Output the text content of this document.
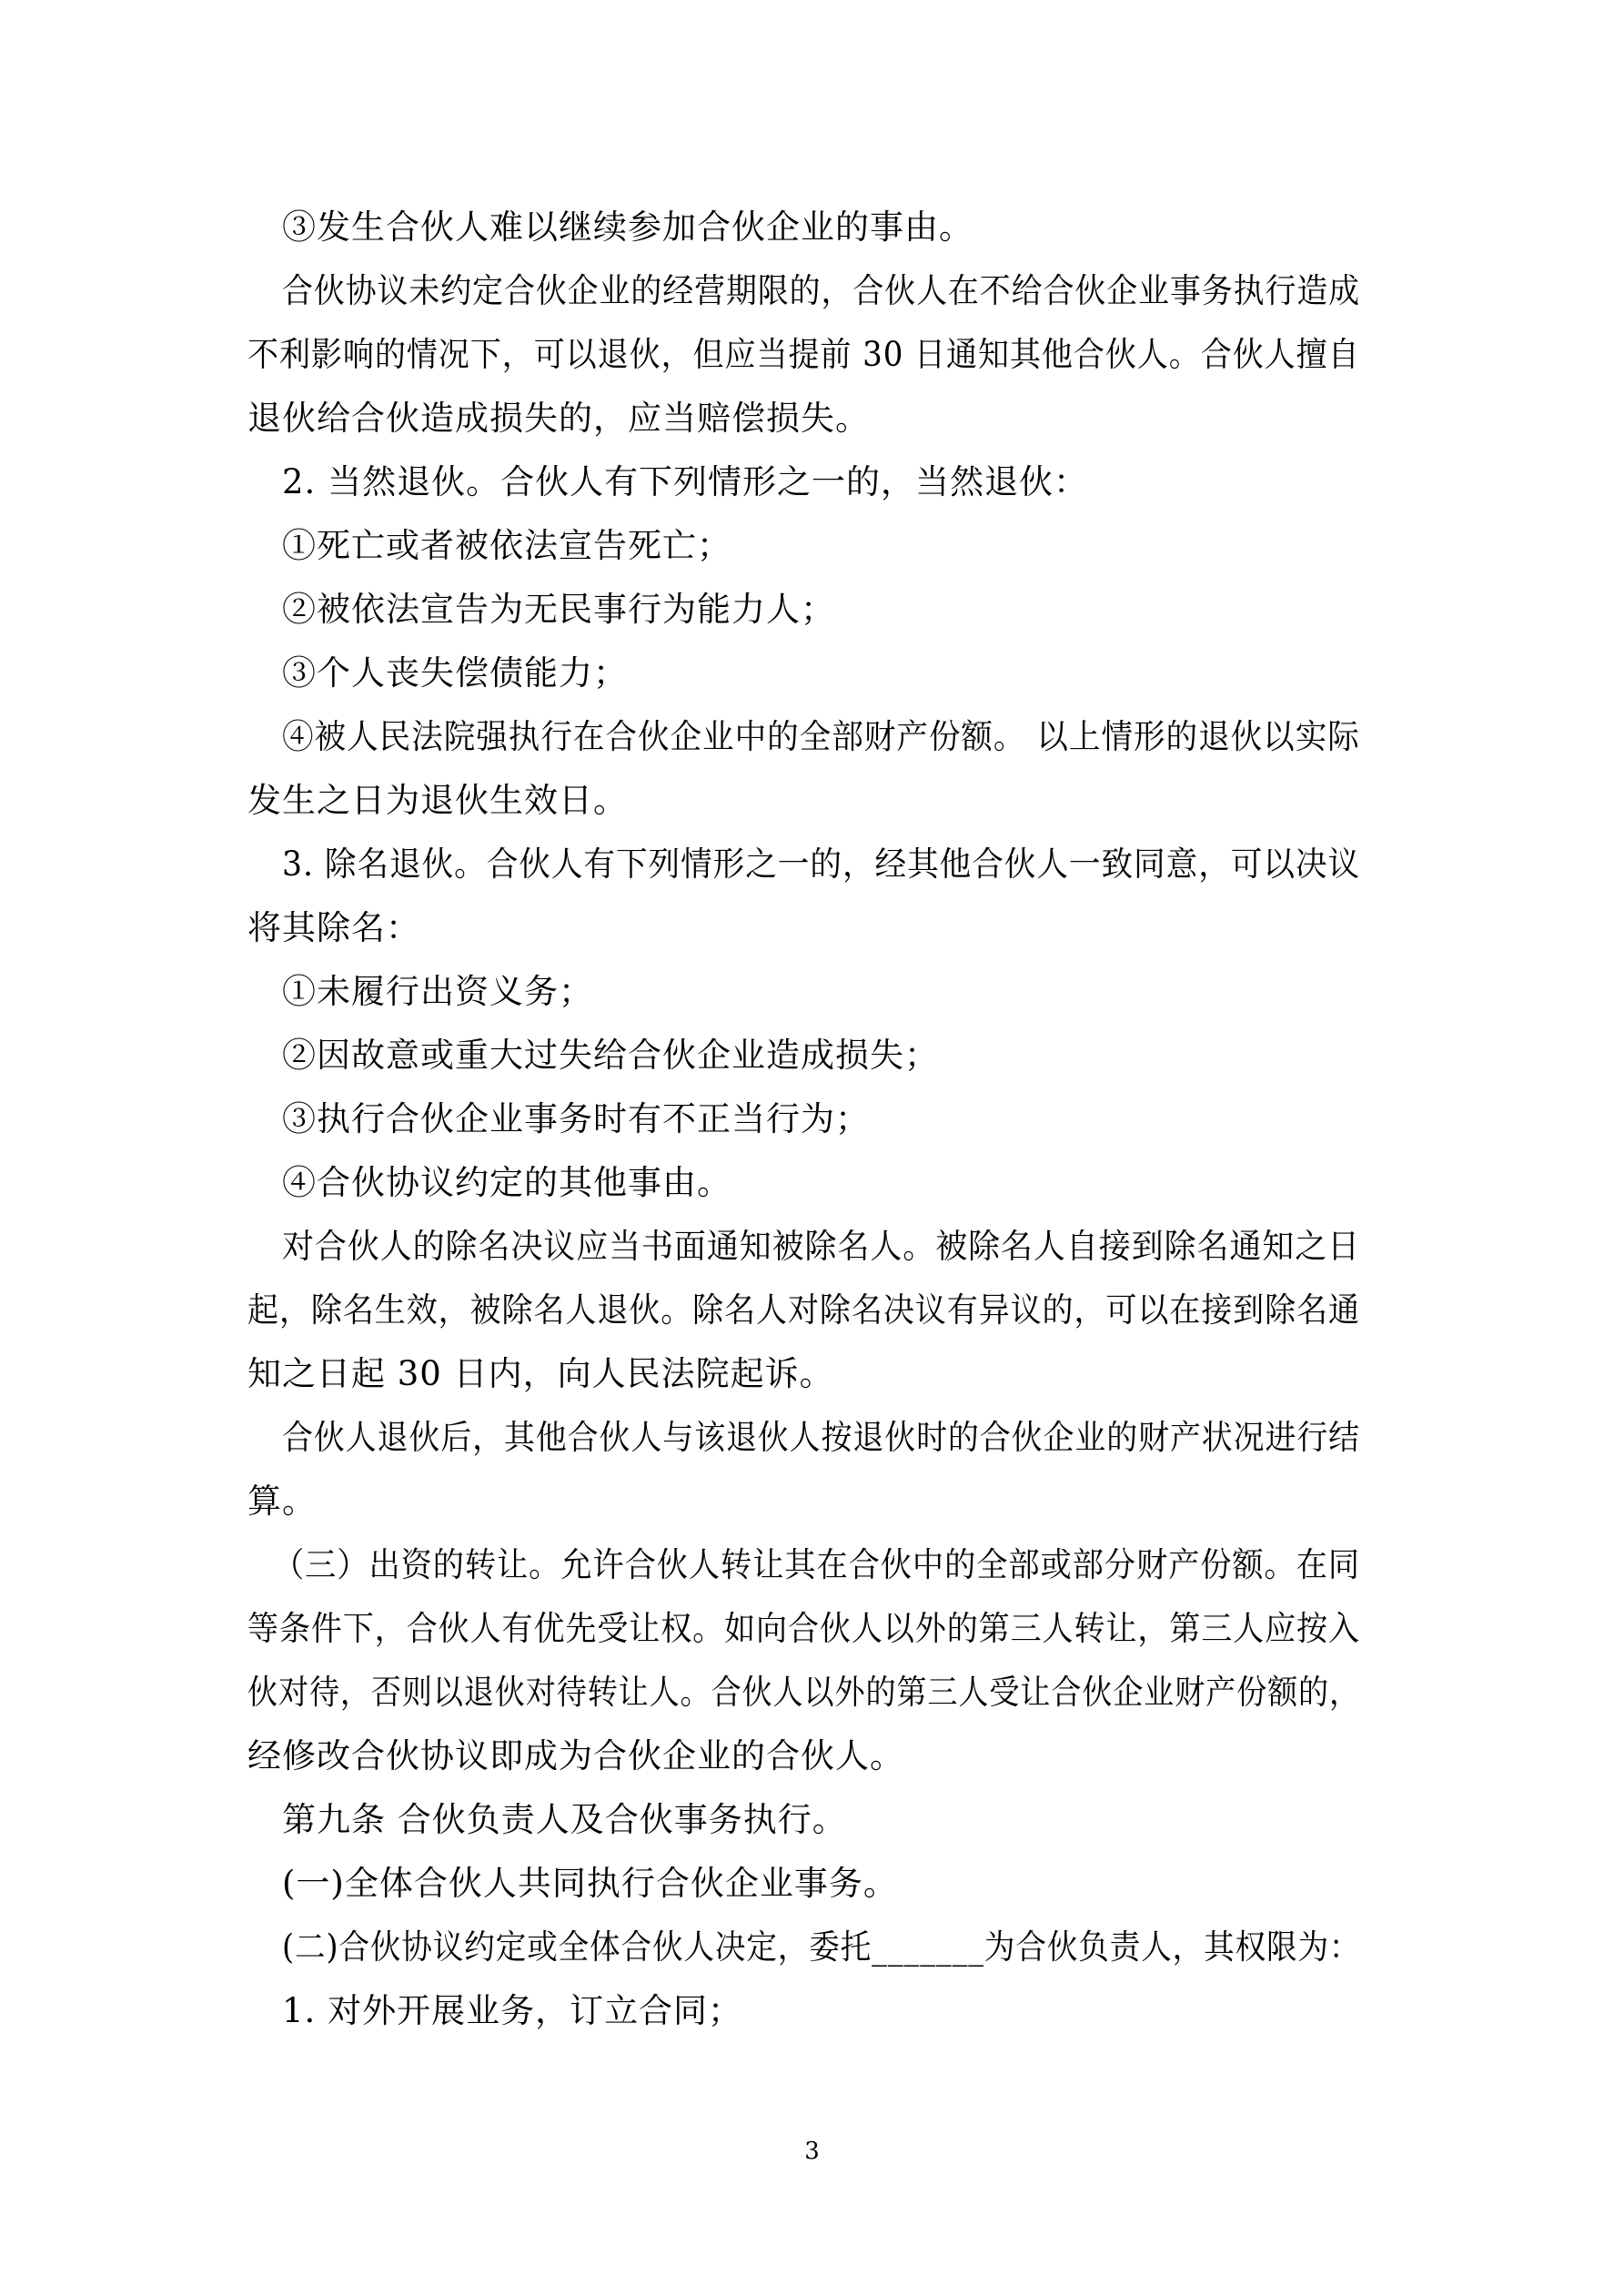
③发生合伙人难以继续参加合伙企业的事由。
合伙协议未约定合伙企业的经营期限的，合伙人在不给合伙企业事务执行造成
不利影响的情况下，可以退伙，但应当提前 30 日通知其他合伙人。合伙人擅自
退伙给合伙造成损失的，应当赔偿损失。
2. 当然退伙。合伙人有下列情形之一的，当然退伙：
①死亡或者被依法宣告死亡；
②被依法宣告为无民事行为能力人；
③个人丧失偿债能力；
④被人民法院强执行在合伙企业中的全部财产份额。 以上情形的退伙以实际
发生之日为退伙生效日。
3. 除名退伙。合伙人有下列情形之一的，经其他合伙人一致同意，可以决议
将其除名：
①未履行出资义务；
②因故意或重大过失给合伙企业造成损失；
③执行合伙企业事务时有不正当行为；
④合伙协议约定的其他事由。
对合伙人的除名决议应当书面通知被除名人。被除名人自接到除名通知之日
起，除名生效，被除名人退伙。除名人对除名决议有异议的，可以在接到除名通
知之日起 30 日内，向人民法院起诉。
合伙人退伙后，其他合伙人与该退伙人按退伙时的合伙企业的财产状况进行结
算。
（三）出资的转让。允许合伙人转让其在合伙中的全部或部分财产份额。在同
等条件下，合伙人有优先受让权。如向合伙人以外的第三人转让，第三人应按入
伙对待，否则以退伙对待转让人。合伙人以外的第三人受让合伙企业财产份额的，
经修改合伙协议即成为合伙企业的合伙人。
第九条 合伙负责人及合伙事务执行。
(一)全体合伙人共同执行合伙企业事务。
(二)合伙协议约定或全体合伙人决定，委托_______为合伙负责人，其权限为：
1. 对外开展业务，订立合同；
3
